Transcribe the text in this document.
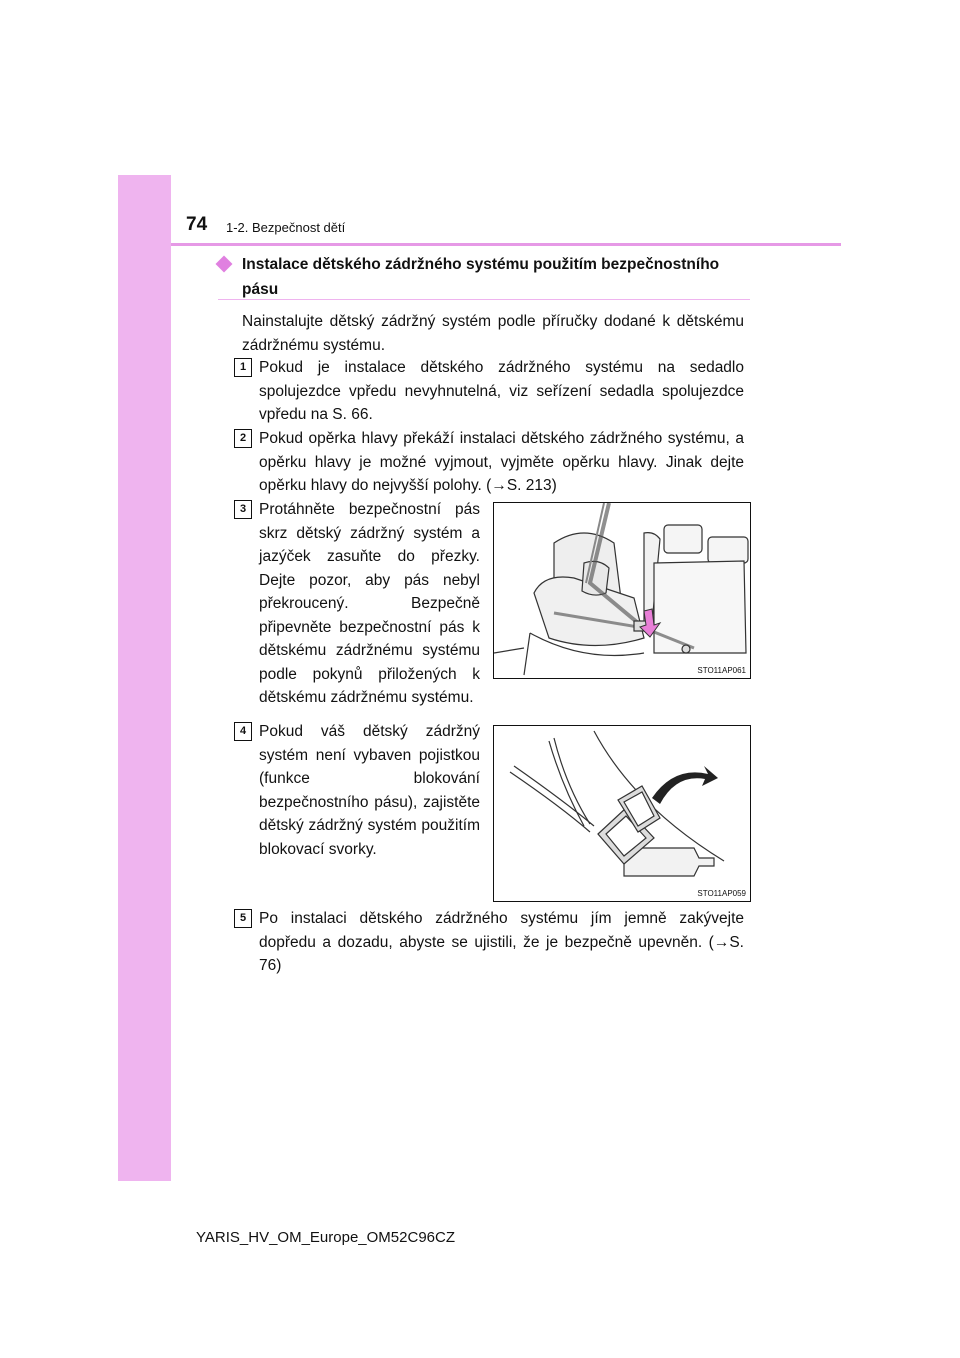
74 1-2. Bezpečnost dětí
Instalace dětského zádržného systému použitím bezpečnostního pásu
Nainstalujte dětský zádržný systém podle příručky dodané k dětskému zádržnému systému.
1 Pokud je instalace dětského zádržného systému na sedadlo spolujezdce vpředu nevyhnutelná, viz seřízení sedadla spolujezdce vpředu na S. 66.
2 Pokud opěrka hlavy překáží instalaci dětského zádržného systému, a opěrku hlavy je možné vyjmout, vyjměte opěrku hlavy. Jinak dejte opěrku hlavy do nejvyšší polohy. (→S. 213)
3 Protáhněte bezpečnostní pás skrz dětský zádržný systém a jazýček zasuňte do přezky. Dejte pozor, aby pás nebyl překroucený. Bezpečně připevněte bezpečnostní pás k dětskému zádržnému systému podle pokynů přiložených k dětskému zádržnému systému.
STO11AP061
4 Pokud váš dětský zádržný systém není vybaven pojistkou (funkce blokování bezpečnostního pásu), zajistěte dětský zádržný systém použitím blokovací svorky.
STO11AP059
5 Po instalaci dětského zádržného systému jím jemně zakývejte dopředu a dozadu, abyste se ujistili, že je bezpečně upevněn. (→S. 76)
YARIS_HV_OM_Europe_OM52C96CZ
